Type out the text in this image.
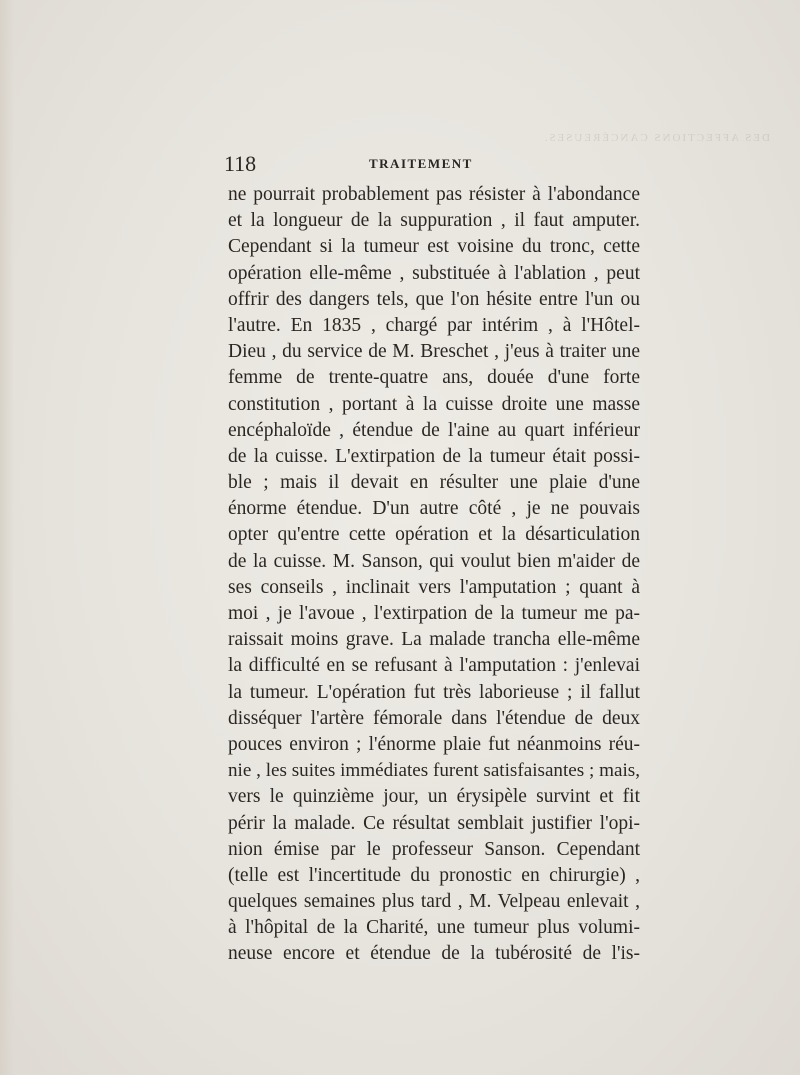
DES AFFECTIONS CANCÉREUSES.
118	TRAITEMENT
ne pourrait probablement pas résister à l'abondance
et la longueur de la suppuration , il faut amputer.
Cependant si la tumeur est voisine du tronc, cette
opération elle-même , substituée à l'ablation , peut
offrir des dangers tels, que l'on hésite entre l'un ou
l'autre. En 1835 , chargé par intérim , à l'Hôtel-
Dieu , du service de M. Breschet , j'eus à traiter une
femme de trente-quatre ans, douée d'une forte
constitution , portant à la cuisse droite une masse
encéphaloïde , étendue de l'aine au quart inférieur
de la cuisse. L'extirpation de la tumeur était possi-
ble ; mais il devait en résulter une plaie d'une
énorme étendue. D'un autre côté , je ne pouvais
opter qu'entre cette opération et la désarticulation
de la cuisse. M. Sanson, qui voulut bien m'aider de
ses conseils , inclinait vers l'amputation ; quant à
moi , je l'avoue , l'extirpation de la tumeur me pa-
raissait moins grave. La malade trancha elle-même
la difficulté en se refusant à l'amputation : j'enlevai
la tumeur. L'opération fut très laborieuse ; il fallut
disséquer l'artère fémorale dans l'étendue de deux
pouces environ ; l'énorme plaie fut néanmoins réu-
nie , les suites immédiates furent satisfaisantes ; mais,
vers le quinzième jour, un érysipèle survint et fit
périr la malade. Ce résultat semblait justifier l'opi-
nion émise par le professeur Sanson. Cependant
(telle est l'incertitude du pronostic en chirurgie) ,
quelques semaines plus tard , M. Velpeau enlevait ,
à l'hôpital de la Charité, une tumeur plus volumi-
neuse encore et étendue de la tubérosité de l'is-
